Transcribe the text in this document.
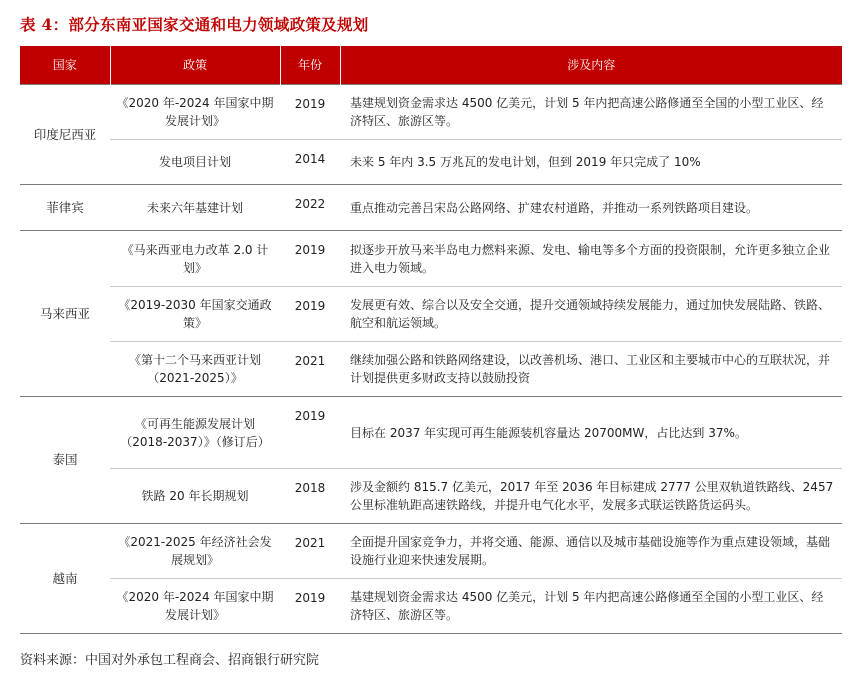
表 4：部分东南亚国家交通和电力领域政策及规划
国家	政策	年份	涉及内容
印度尼西亚	《2020 年-2024 年国家中期发展计划》	2019	基建规划资金需求达 4500 亿美元，计划 5 年内把高速公路修通至全国的小型工业区、经济特区、旅游区等。
	发电项目计划	2014	未来 5 年内 3.5 万兆瓦的发电计划，但到 2019 年只完成了 10%
菲律宾	未来六年基建计划	2022	重点推动完善吕宋岛公路网络、扩建农村道路，并推动一系列铁路项目建设。
马来西亚	《马来西亚电力改革 2.0 计划》	2019	拟逐步开放马来半岛电力燃料来源、发电、输电等多个方面的投资限制，允许更多独立企业进入电力领域。
	《2019-2030 年国家交通政策》	2019	发展更有效、综合以及安全交通，提升交通领域持续发展能力，通过加快发展陆路、铁路、航空和航运领域。
	《第十二个马来西亚计划（2021-2025）》	2021	继续加强公路和铁路网络建设，以改善机场、港口、工业区和主要城市中心的互联状况，并计划提供更多财政支持以鼓励投资
泰国	《可再生能源发展计划（2018-2037）》（修订后）	2019	目标在 2037 年实现可再生能源装机容量达 20700MW，占比达到 37%。
	铁路 20 年长期规划	2018	涉及金额约 815.7 亿美元，2017 年至 2036 年目标建成 2777 公里双轨道铁路线、2457 公里标准轨距高速铁路线，并提升电气化水平，发展多式联运铁路货运码头。
越南	《2021-2025 年经济社会发展规划》	2021	全面提升国家竞争力，并将交通、能源、通信以及城市基础设施等作为重点建设领域，基础设施行业迎来快速发展期。
	《2020 年-2024 年国家中期发展计划》	2019	基建规划资金需求达 4500 亿美元，计划 5 年内把高速公路修通至全国的小型工业区、经济特区、旅游区等。
资料来源：中国对外承包工程商会、招商银行研究院
